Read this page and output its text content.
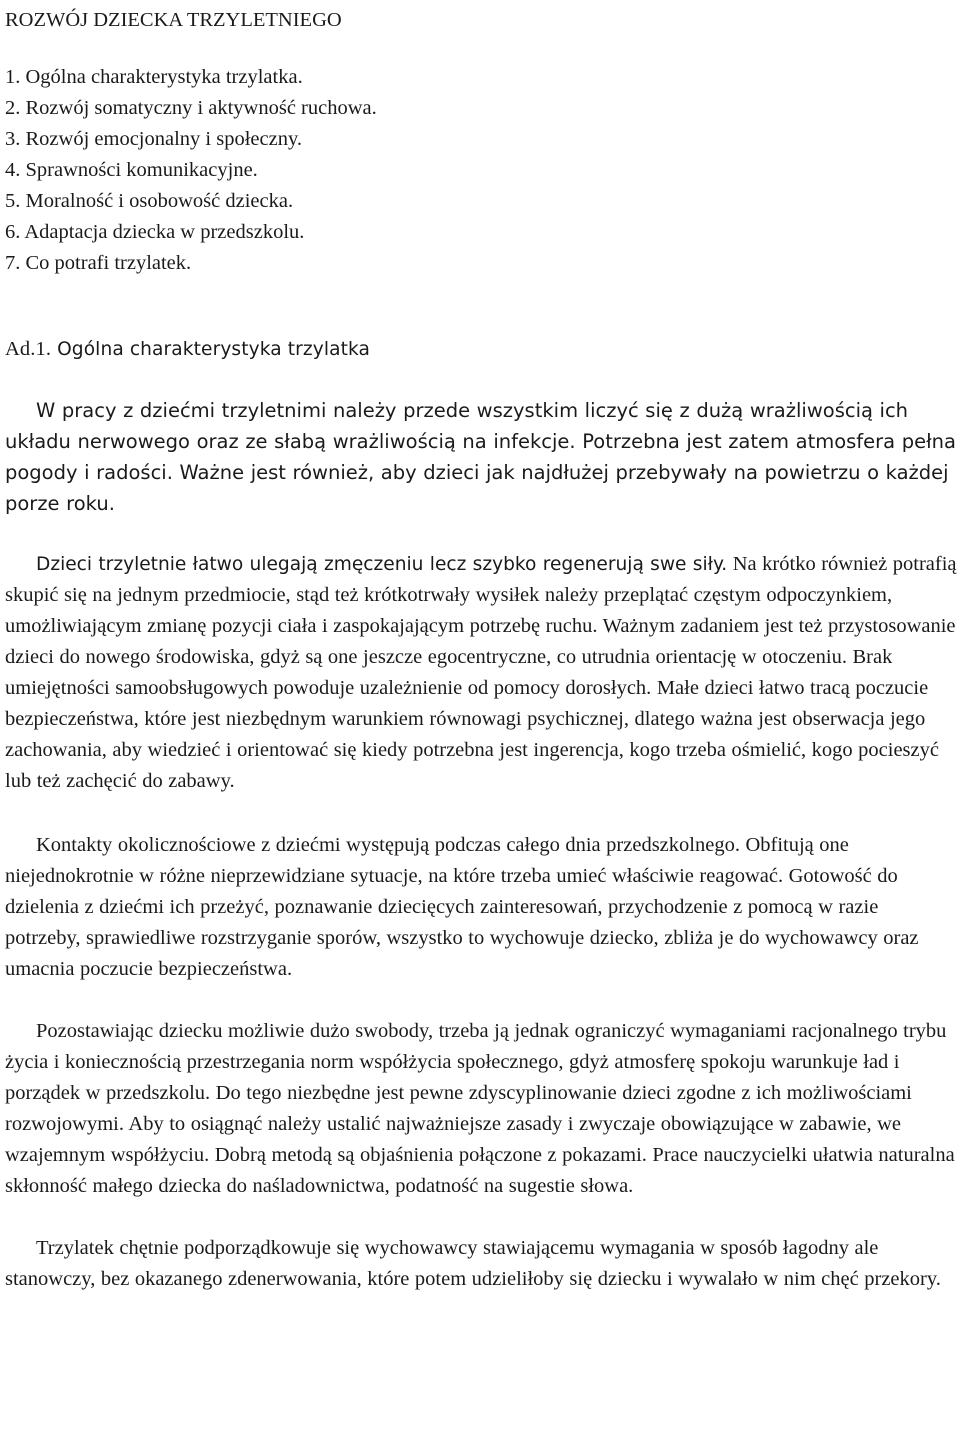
ROZWÓJ DZIECKA TRZYLETNIEGO
1. Ogólna charakterystyka trzylatka.
2. Rozwój somatyczny i aktywność ruchowa.
3. Rozwój emocjonalny i społeczny.
4. Sprawności komunikacyjne.
5. Moralność i osobowość dziecka.
6. Adaptacja dziecka w przedszkolu.
7. Co potrafi trzylatek.
Ad.1. Ogólna charakterystyka trzylatka

W pracy z dziećmi trzyletnimi należy przede wszystkim liczyć się z dużą wrażliwością ich układu nerwowego oraz ze słabą wrażliwością na infekcje. Potrzebna jest zatem atmosfera pełna pogody i radości. Ważne jest również, aby dzieci jak najdłużej przebywały na powietrzu o każdej porze roku.

Dzieci trzyletnie łatwo ulegają zmęczeniu lecz szybko regenerują swe siły. Na krótko również potrafią skupić się na jednym przedmiocie, stąd też krótkotrwały wysiłek należy przeplątać częstym odpoczynkiem, umożliwiającym zmianę pozycji ciała i zaspokajającym potrzebę ruchu. Ważnym zadaniem jest też przystosowanie dzieci do nowego środowiska, gdyż są one jeszcze egocentryczne, co utrudnia orientację w otoczeniu. Brak umiejętności samoobsługowych powoduje uzależnienie od pomocy dorosłych. Małe dzieci łatwo tracą poczucie bezpieczeństwa, które jest niezbędnym warunkiem równowagi psychicznej, dlatego ważna jest obserwacja jego zachowania, aby wiedzieć i orientować się kiedy potrzebna jest ingerencja, kogo trzeba ośmielić, kogo pocieszyć lub też zachęcić do zabawy.

Kontakty okolicznościowe z dziećmi występują podczas całego dnia przedszkolnego. Obfitują one niejednokrotnie w różne nieprzewidziane sytuacje, na które trzeba umieć właściwie reagować. Gotowość do dzielenia z dziećmi ich przeżyć, poznawanie dziecięcych zainteresowań, przychodzenie z pomocą w razie potrzeby, sprawiedliwe rozstrzyganie sporów, wszystko to wychowuje dziecko, zbliża je do wychowawcy oraz umacnia poczucie bezpieczeństwa.

Pozostawiając dziecku możliwie dużo swobody, trzeba ją jednak ograniczyć wymaganiami racjonalnego trybu życia i koniecznością przestrzegania norm współżycia społecznego, gdyż atmosferę spokoju warunkuje ład i porządek w przedszkolu. Do tego niezbędne jest pewne zdyscyplinowanie dzieci zgodne z ich możliwościami rozwojowymi. Aby to osiągnąć należy ustalić najważniejsze zasady i zwyczaje obowiązujące w zabawie, we wzajemnym współżyciu. Dobrą metodą są objaśnienia połączone z pokazami. Prace nauczycielki ułatwia naturalna skłonność małego dziecka do naśladownictwa, podatność na sugestie słowa.

Trzylatek chętnie podporządkowuje się wychowawcy stawiającemu wymagania w sposób łagodny ale stanowczy, bez okazanego zdenerwowania, które potem udzieliłoby się dziecku i wywalało w nim chęć przekory.
